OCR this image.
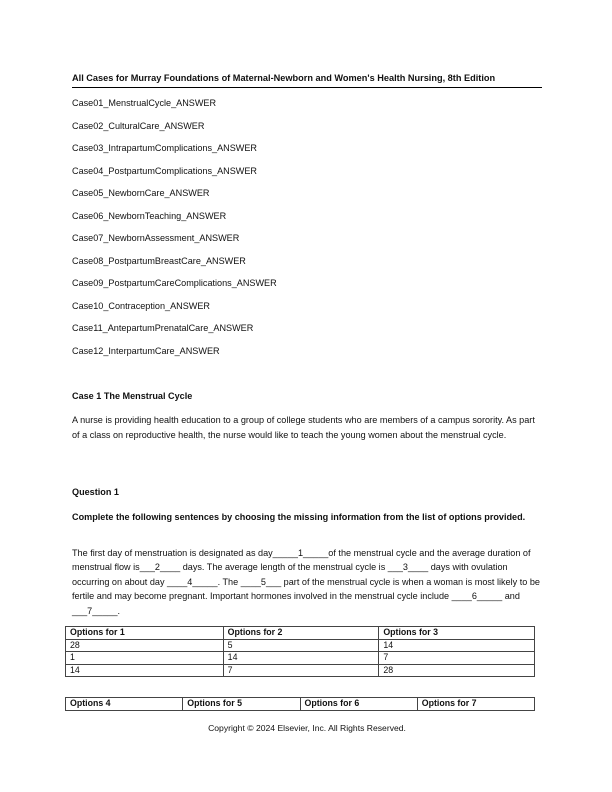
All Cases for Murray Foundations of Maternal-Newborn and Women's Health Nursing, 8th Edition
Case01_MenstrualCycle_ANSWER
Case02_CulturalCare_ANSWER
Case03_IntrapartumComplications_ANSWER
Case04_PostpartumComplications_ANSWER
Case05_NewbornCare_ANSWER
Case06_NewbornTeaching_ANSWER
Case07_NewbornAssessment_ANSWER
Case08_PostpartumBreastCare_ANSWER
Case09_PostpartumCareComplications_ANSWER
Case10_Contraception_ANSWER
Case11_AntepartumPrenatalCare_ANSWER
Case12_InterpartumCare_ANSWER
Case 1 The Menstrual Cycle
A nurse is providing health education to a group of college students who are members of a campus sorority. As part of a class on reproductive health, the nurse would like to teach the young women about the menstrual cycle.
Question 1
Complete the following sentences by choosing the missing information from the list of options provided.
The first day of menstruation is designated as day_____1_____of the menstrual cycle and the average duration of menstrual flow is___2____ days. The average length of the menstrual cycle is ___3____ days with ovulation occurring on about day ____4_____. The ____5___ part of the menstrual cycle is when a woman is most likely to be fertile and may become pregnant. Important hormones involved in the menstrual cycle include ____6_____ and ___7_____.
Options for 1	Options for 2	Options for 3
28	5	14
1	14	7
14	7	28
Options 4	Options for 5	Options for 6	Options for 7
Copyright © 2024 Elsevier, Inc. All Rights Reserved.
